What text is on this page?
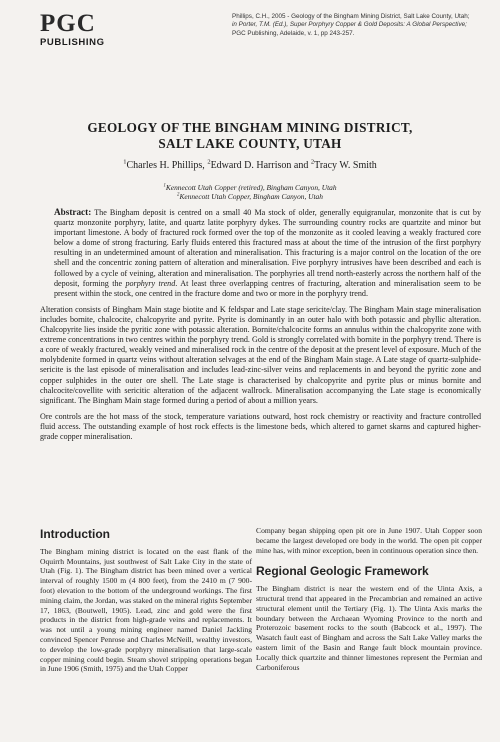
PGC
PUBLISHING
Phillips, C.H., 2005 - Geology of the Bingham Mining District, Salt Lake County, Utah;
in Porter, T.M. (Ed.), Super Porphyry Copper & Gold Deposits: A Global Perspective;
PGC Publishing, Adelaide, v. 1, pp 243-257.
GEOLOGY OF THE BINGHAM MINING DISTRICT,
SALT LAKE COUNTY, UTAH
$^1$Charles H. Phillips, $^2$Edward D. Harrison and $^2$Tracy W. Smith
$^1$Kennecott Utah Copper (retired), Bingham Canyon, Utah
$^2$Kennecott Utah Copper, Bingham Canyon, Utah

Abstract: The Bingham deposit is centred on a small 40 Ma stock of older, generally equigranular, monzonite that is cut by quartz monzonite porphyry, latite, and quartz latite porphyry dykes. The surrounding country rocks are quartzite and minor but important limestone. A body of fractured rock formed over the top of the monzonite as it cooled leaving a weakly fractured core below a dome of strong fracturing. Early fluids entered this fractured mass at about the time of the intrusion of the first porphyry resulting in an undetermined amount of alteration and mineralisation. This fracturing is a major control on the location of the ore shell and the concentric zoning pattern of alteration and mineralisation. Five porphyry intrusives have been described and each is followed by a cycle of veining, alteration and mineralisation. The porphyries all trend north-easterly across the northern half of the deposit, forming the porphyry trend. At least three overlapping centres of fracturing, alteration and mineralisation seem to be present within the stock, one centred in the fracture dome and two or more in the porphyry trend.

Alteration consists of Bingham Main stage biotite and K feldspar and Late stage sericite/clay. The Bingham Main stage mineralisation includes bornite, chalcocite, chalcopyrite and pyrite. Pyrite is dominantly in an outer halo with both potassic and phyllic alteration. Chalcopyrite lies inside the pyritic zone with potassic alteration. Bornite/chalcocite forms an annulus within the chalcopyrite zone with extreme concentrations in two centres within the porphyry trend. Gold is strongly correlated with bornite in the porphyry trend. There is a core of weakly fractured, weakly veined and mineralised rock in the centre of the deposit at the present level of exposure. Much of the molybdenite formed in quartz veins without alteration selvages at the end of the Bingham Main stage. A Late stage of quartz-sulphide-sericite is the last episode of mineralisation and includes lead-zinc-silver veins and replacements in and beyond the pyritic zone and copper sulphides in the outer ore shell. The Late stage is characterised by chalcopyrite and pyrite plus or minus bornite and chalcocite/covellite with sericitic alteration of the adjacent wallrock. Mineralisation accompanying the Late stage is economically significant. The Bingham Main stage formed during a period of about a million years.

Ore controls are the hot mass of the stock, temperature variations outward, host rock chemistry or reactivity and fracture controlled fluid access. The outstanding example of host rock effects is the limestone beds, which altered to garnet skarns and captured higher-grade copper mineralisation.

Introduction

The Bingham mining district is located on the east flank of the Oquirrh Mountains, just southwest of Salt Lake City in the state of Utah (Fig. 1). The Bingham district has been mined over a vertical interval of roughly 1500 m (4 800 feet), from the 2410 m (7 900-foot) elevation to the bottom of the underground workings. The first mining claim, the Jordan, was staked on the mineral rights September 17, 1863, (Boutwell, 1905). Lead, zinc and gold were the first products in the district from high-grade veins and replacements. It was not until a young mining engineer named Daniel Jackling convinced Spencer Penrose and Charles McNeill, wealthy investors, to develop the low-grade porphyry mineralisation that large-scale copper mining could begin. Steam shovel stripping operations began in June 1906 (Smith, 1975) and the Utah Copper

Company began shipping open pit ore in June 1907. Utah Copper soon became the largest developed ore body in the world. The open pit copper mine has, with minor exception, been in continuous operation since then.

Regional Geologic Framework

The Bingham district is near the western end of the Uinta Axis, a structural trend that appeared in the Precambrian and remained an active structural element until the Tertiary (Fig. 1). The Uinta Axis marks the boundary between the Archaean Wyoming Province to the north and Proterozoic basement rocks to the south (Babcock et al., 1997). The Wasatch fault east of Bingham and across the Salt Lake Valley marks the eastern limit of the Basin and Range fault block mountain province. Locally thick quartzite and thinner limestones represent the Permian and Carboniferous
